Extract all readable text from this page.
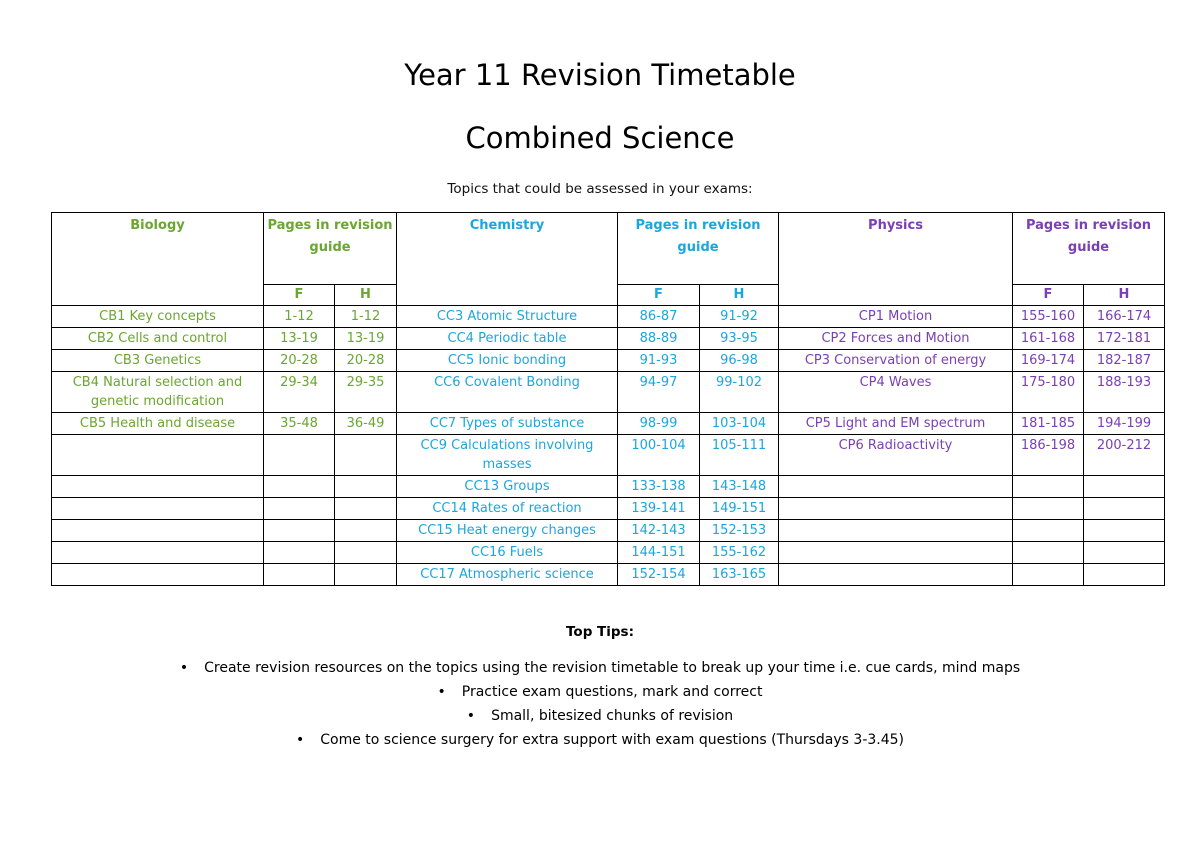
Year 11 Revision Timetable
Combined Science
Topics that could be assessed in your exams:
Biology	Pages in revision guide		Chemistry	Pages in revision guide		Physics	Pages in revision guide	
	F	H		F	H		F	H
CB1 Key concepts	1-12	1-12	CC3 Atomic Structure	86-87	91-92	CP1 Motion	155-160	166-174
CB2 Cells and control	13-19	13-19	CC4 Periodic table	88-89	93-95	CP2 Forces and Motion	161-168	172-181
CB3 Genetics	20-28	20-28	CC5 Ionic bonding	91-93	96-98	CP3 Conservation of energy	169-174	182-187
CB4 Natural selection and genetic modification	29-34	29-35	CC6 Covalent Bonding	94-97	99-102	CP4 Waves	175-180	188-193
CB5 Health and disease	35-48	36-49	CC7 Types of substance	98-99	103-104	CP5 Light and EM spectrum	181-185	194-199
			CC9 Calculations involving masses	100-104	105-111	CP6 Radioactivity	186-198	200-212
			CC13 Groups	133-138	143-148			
			CC14 Rates of reaction	139-141	149-151			
			CC15 Heat energy changes	142-143	152-153			
			CC16 Fuels	144-151	155-162			
			CC17 Atmospheric science	152-154	163-165			
Top Tips:
• Create revision resources on the topics using the revision timetable to break up your time i.e. cue cards, mind maps
• Practice exam questions, mark and correct
• Small, bitesized chunks of revision
• Come to science surgery for extra support with exam questions (Thursdays 3-3.45)
